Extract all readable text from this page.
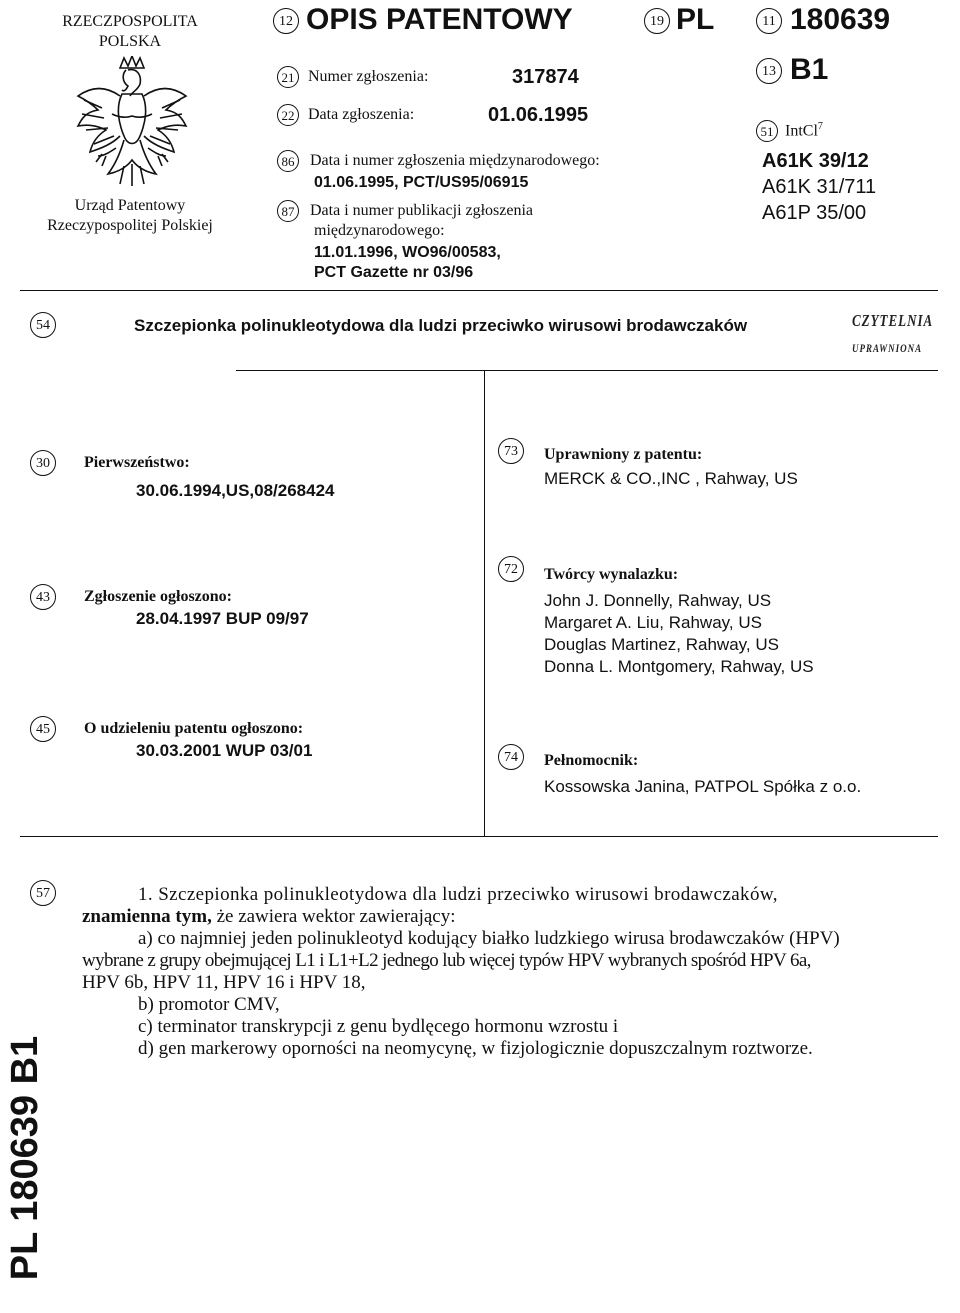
RZECZPOSPOLITA
POLSKA
Urząd Patentowy
Rzeczypospolitej Polskiej
12 OPIS PATENTOWY	19 PL	11 180639
13 B1
21 Numer zgłoszenia:	317874
22 Data zgłoszenia:	01.06.1995
86 Data i numer zgłoszenia międzynarodowego:
01.06.1995, PCT/US95/06915
87 Data i numer publikacji zgłoszenia
międzynarodowego:
11.01.1996, WO96/00583,
PCT Gazette nr 03/96
51 IntCl$^7$
A61K 39/12
A61K 31/711
A61P 35/00
54	Szczepionka polinukleotydowa dla ludzi przeciwko wirusowi brodawczaków	CZYTELNIA
UPRAWNIONA
30	Pierwszeństwo:
30.06.1994,US,08/268424
43	Zgłoszenie ogłoszono:
28.04.1997 BUP 09/97
45	O udzieleniu patentu ogłoszono:
30.03.2001 WUP 03/01
73	Uprawniony z patentu:
MERCK & CO.,INC , Rahway, US
72	Twórcy wynalazku:
John J. Donnelly, Rahway, US
Margaret A. Liu, Rahway, US
Douglas Martinez, Rahway, US
Donna L. Montgomery, Rahway, US
74	Pełnomocnik:
Kossowska Janina, PATPOL Spółka z o.o.
57	1. Szczepionka polinukleotydowa dla ludzi przeciwko wirusowi brodawczaków,
znamienna tym, że zawiera wektor zawierający:
a) co najmniej jeden polinukleotyd kodujący białko ludzkiego wirusa brodawczaków (HPV)
wybrane z grupy obejmującej L1 i L1+L2 jednego lub więcej typów HPV wybranych spośród HPV 6a,
HPV 6b, HPV 11, HPV 16 i HPV 18,
b) promotor CMV,
c) terminator transkrypcji z genu bydlęcego hormonu wzrostu i
d) gen markerowy oporności na neomycynę, w fizjologicznie dopuszczalnym roztworze.
PL 180639 B1
